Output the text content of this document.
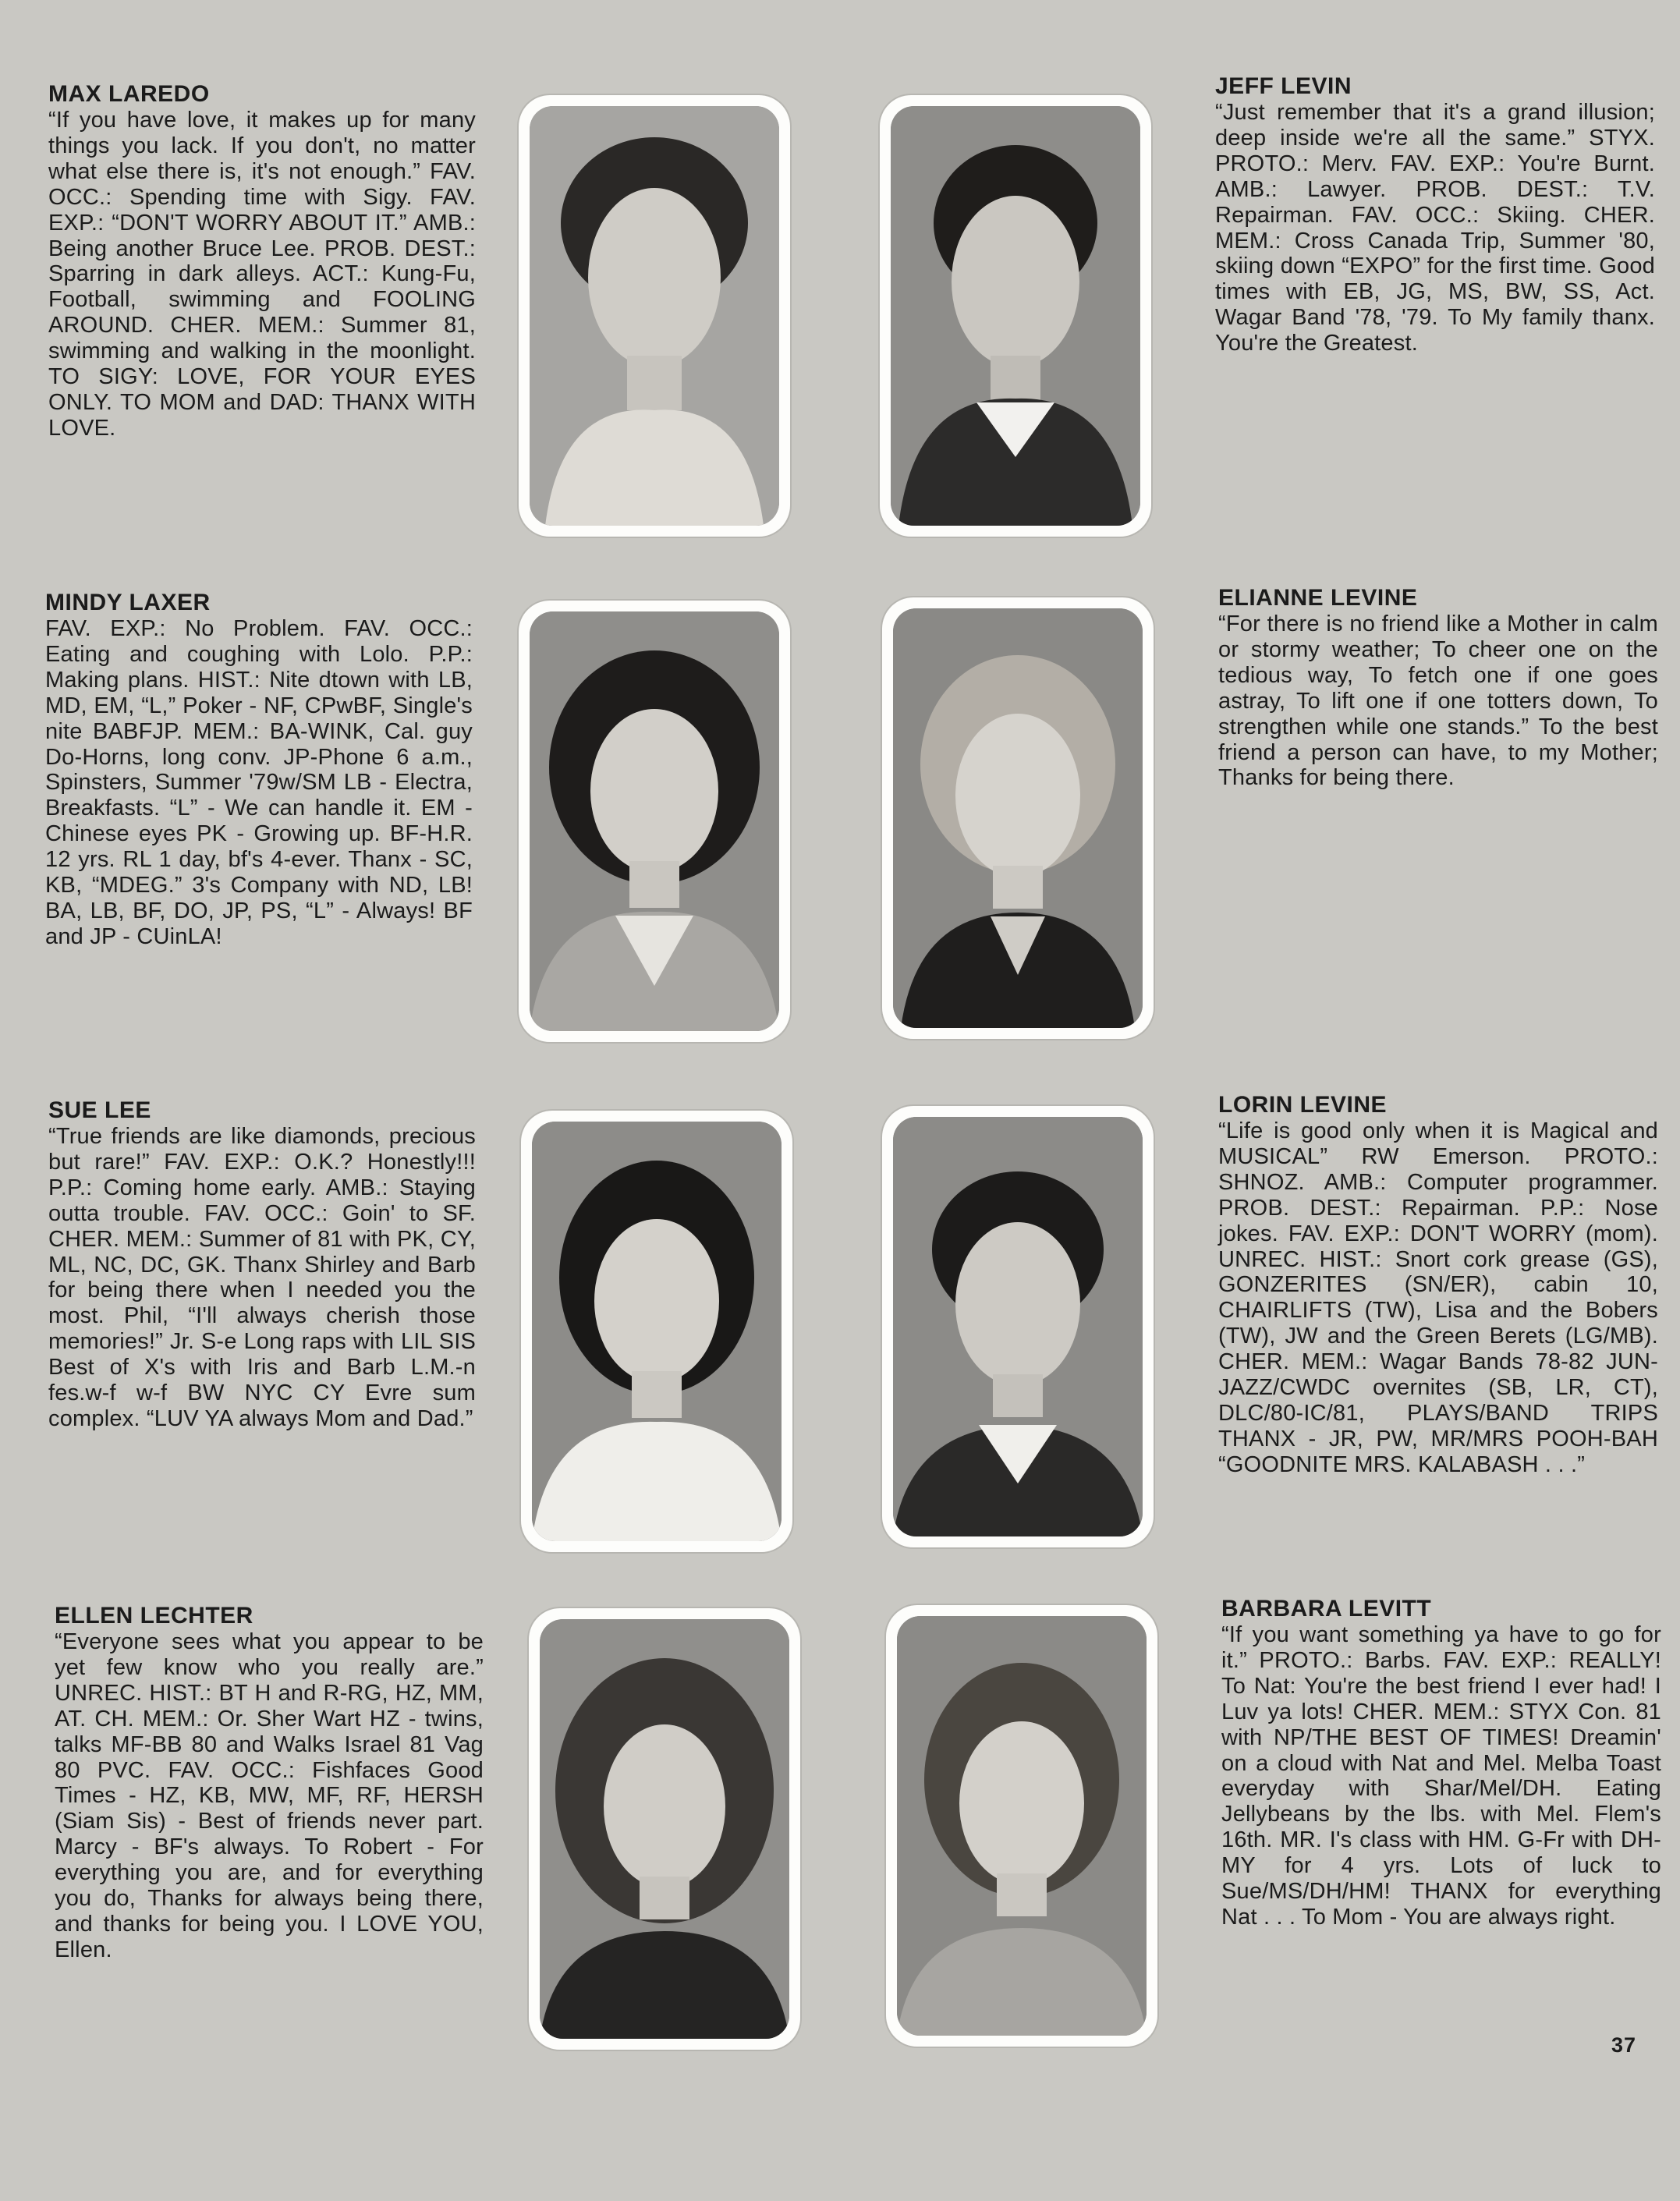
MAX LAREDO

“If you have love, it makes up for many things you lack. If you don't, no matter what else there is, it's not enough.” FAV. OCC.: Spending time with Sigy. FAV. EXP.: “DON'T WORRY ABOUT IT.” AMB.: Being another Bruce Lee. PROB. DEST.: Sparring in dark alleys. ACT.: Kung-Fu, Football, swimming and FOOLING AROUND. CHER. MEM.: Summer 81, swimming and walking in the moonlight. TO SIGY: LOVE, FOR YOUR EYES ONLY. TO MOM and DAD: THANX WITH LOVE.

JEFF LEVIN

“Just remember that it's a grand illusion; deep inside we're all the same.” STYX. PROTO.: Merv. FAV. EXP.: You're Burnt. AMB.: Lawyer. PROB. DEST.: T.V. Repairman. FAV. OCC.: Skiing. CHER. MEM.: Cross Canada Trip, Summer '80, skiing down “EXPO” for the first time. Good times with EB, JG, MS, BW, SS, Act. Wagar Band '78, '79. To My family thanx. You're the Greatest.

MINDY LAXER

FAV. EXP.: No Problem. FAV. OCC.: Eating and coughing with Lolo. P.P.: Making plans. HIST.: Nite dtown with LB, MD, EM, “L,” Poker - NF, CPwBF, Single's nite BABFJP. MEM.: BA-WINK, Cal. guy Do-Horns, long conv. JP-Phone 6 a.m., Spinsters, Summer '79w/SM LB - Electra, Breakfasts. “L” - We can handle it. EM - Chinese eyes PK - Growing up. BF-H.R. 12 yrs. RL 1 day, bf's 4-ever. Thanx - SC, KB, “MDEG.” 3's Company with ND, LB! BA, LB, BF, DO, JP, PS, “L” - Always! BF and JP - CUinLA!

ELIANNE LEVINE

“For there is no friend like a Mother in calm or stormy weather; To cheer one on the tedious way, To fetch one if one goes astray, To lift one if one totters down, To strengthen while one stands.” To the best friend a person can have, to my Mother; Thanks for being there.

SUE LEE

“True friends are like diamonds, precious but rare!” FAV. EXP.: O.K.? Honestly!!! P.P.: Coming home early. AMB.: Staying outta trouble. FAV. OCC.: Goin' to SF. CHER. MEM.: Summer of 81 with PK, CY, ML, NC, DC, GK. Thanx Shirley and Barb for being there when I needed you the most. Phil, “I'll always cherish those memories!” Jr. S-e Long raps with LIL SIS Best of X's with Iris and Barb L.M.-n fes.w-f w-f BW NYC CY Evre sum complex. “LUV YA always Mom and Dad.”

LORIN LEVINE

“Life is good only when it is Magical and MUSICAL” RW Emerson. PROTO.: SHNOZ. AMB.: Computer programmer. PROB. DEST.: Repairman. P.P.: Nose jokes. FAV. EXP.: DON'T WORRY (mom). UNREC. HIST.: Snort cork grease (GS), GONZERITES (SN/ER), cabin 10, CHAIRLIFTS (TW), Lisa and the Bobers (TW), JW and the Green Berets (LG/MB). CHER. MEM.: Wagar Bands 78-82 JUN-JAZZ/CWDC overnites (SB, LR, CT), DLC/80-IC/81, PLAYS/BAND TRIPS THANX - JR, PW, MR/MRS POOH-BAH “GOODNITE MRS. KALABASH . . .”

ELLEN LECHTER

“Everyone sees what you appear to be yet few know who you really are.” UNREC. HIST.: BT H and R-RG, HZ, MM, AT. CH. MEM.: Or. Sher Wart HZ - twins, talks MF-BB 80 and Walks Israel 81 Vag 80 PVC. FAV. OCC.: Fishfaces Good Times - HZ, KB, MW, MF, RF, HERSH (Siam Sis) - Best of friends never part. Marcy - BF's always. To Robert - For everything you are, and for everything you do, Thanks for always being there, and thanks for being you. I LOVE YOU, Ellen.

BARBARA LEVITT

“If you want something ya have to go for it.” PROTO.: Barbs. FAV. EXP.: REALLY! To Nat: You're the best friend I ever had! I Luv ya lots! CHER. MEM.: STYX Con. 81 with NP/THE BEST OF TIMES! Dreamin' on a cloud with Nat and Mel. Melba Toast everyday with Shar/Mel/DH. Eating Jellybeans by the lbs. with Mel. Flem's 16th. MR. I's class with HM. G-Fr with DH-MY for 4 yrs. Lots of luck to Sue/MS/DH/HM! THANX for everything Nat . . . To Mom - You are always right.

37
